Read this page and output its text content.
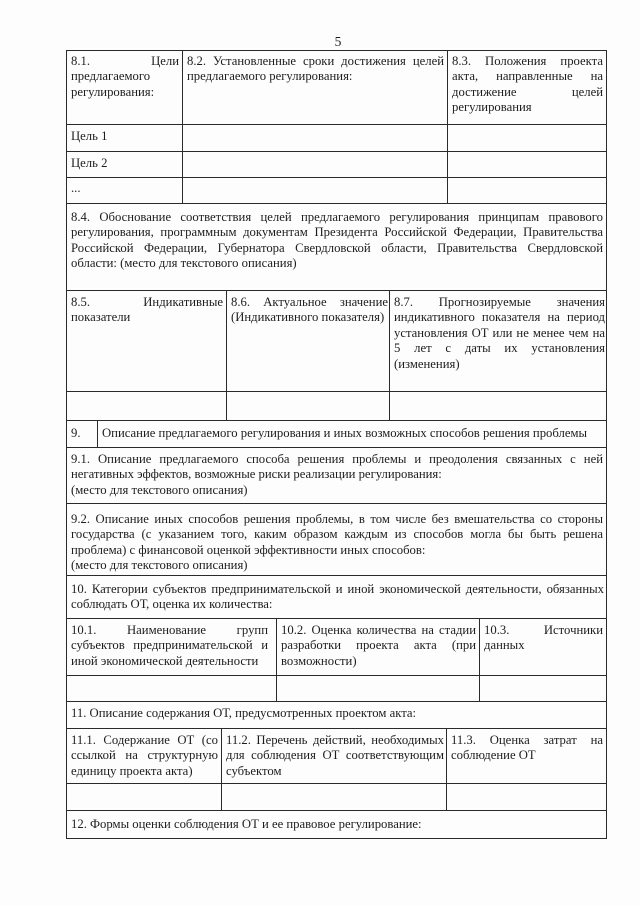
5
8.1. Цели предлагаемого регулирования:
8.2. Установленные сроки достижения целей предлагаемого регулирования:
8.3. Положения проекта акта, направленные на достижение целей регулирования
Цель 1
Цель 2
...
8.4. Обоснование соответствия целей предлагаемого регулирования принципам правового регулирования, программным документам Президента Российской Федерации, Правительства Российской Федерации, Губернатора Свердловской области, Правительства Свердловской области: (место для текстового описания)
8.5. Индикативные показатели
8.6. Актуальное значение (Индикативного показателя)
8.7. Прогнозируемые значения индикативного показателя на период установления ОТ или не менее чем на 5 лет с даты их установления (изменения)
9.	Описание предлагаемого регулирования и иных возможных способов решения проблемы
9.1. Описание предлагаемого способа решения проблемы и преодоления связанных с ней негативных эффектов, возможные риски реализации регулирования:
(место для текстового описания)
9.2. Описание иных способов решения проблемы, в том числе без вмешательства со стороны государства (с указанием того, каким образом каждым из способов могла бы быть решена проблема) с финансовой оценкой эффективности иных способов:
(место для текстового описания)
10. Категории субъектов предпринимательской и иной экономической деятельности, обязанных соблюдать ОТ, оценка их количества:
10.1. Наименование групп субъектов предпринимательской и иной экономической деятельности
10.2. Оценка количества на стадии разработки проекта акта (при возможности)
10.3. Источники данных
11. Описание содержания ОТ, предусмотренных проектом акта:
11.1. Содержание ОТ (со ссылкой на структурную единицу проекта акта)
11.2. Перечень действий, необходимых для соблюдения ОТ соответствующим субъектом
11.3. Оценка затрат на соблюдение ОТ
12. Формы оценки соблюдения ОТ и ее правовое регулирование:
